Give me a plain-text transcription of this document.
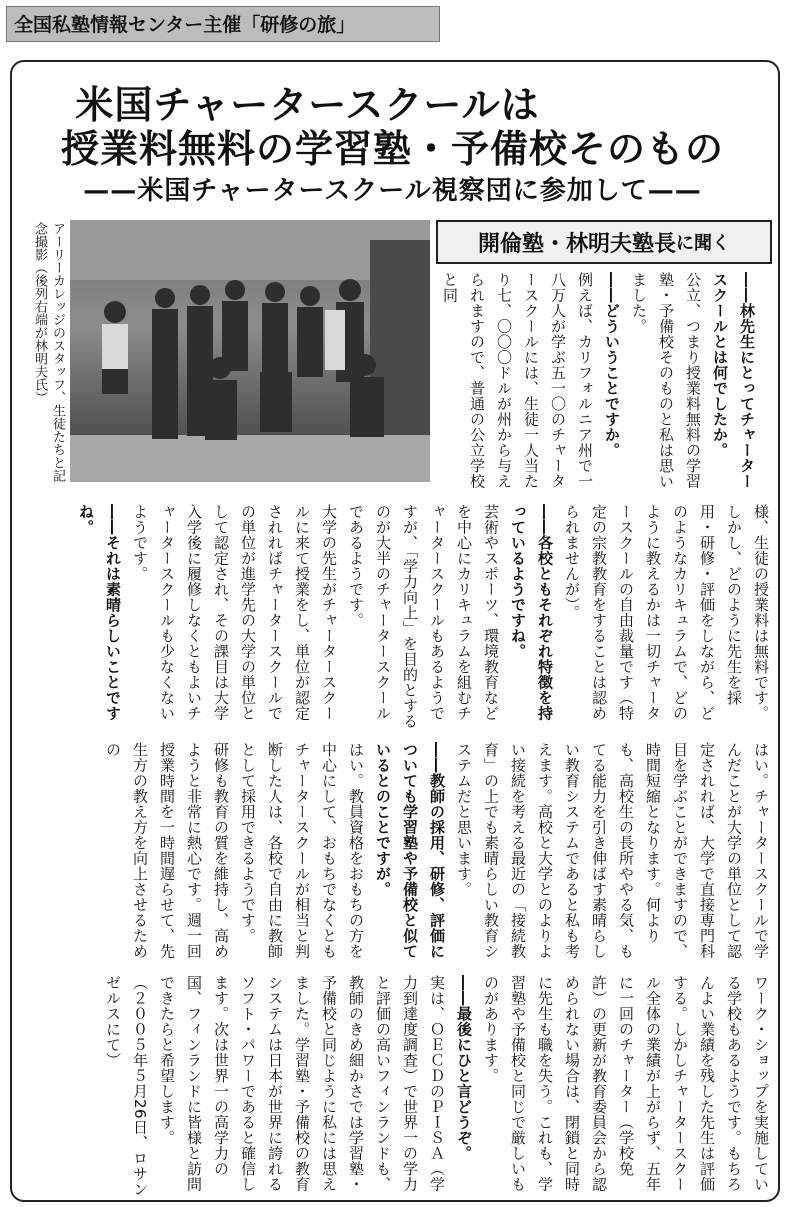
全国私塾情報センター主催「研修の旅」
米国チャータースクールは
授業料無料の学習塾・予備校そのもの
——米国チャータースクール視察団に参加して——
アーリーカレッジのスタッフ、生徒たちと記念撮影（後列右端が林明夫氏）	開倫塾・林明夫塾長 に聞く

――林先生にとってチャータースクールとは何でしたか。

公立、つまり授業料無料の学習塾・予備校そのものと私は思いました。

――どういうことですか。

例えば、カリフォルニア州で一八万人が学ぶ五一〇のチャータースクールには、生徒一人当たり七、〇〇〇ドルが州から与えられますので、普通の公立学校と同

様、生徒の授業料は無料です。しかし、どのように先生を採用・研修・評価をしながら、どのようなカリキュラムで、どのように教えるかは一切チャータースクールの自由裁量です（特定の宗教教育をすることは認められませんが）。

――各校ともそれぞれ特徴を持っているようですね。

芸術やスポーツ、環境教育などを中心にカリキュラムを組むチャータースクールもあるようですが、「学力向上」を目的とするのが大半のチャータースクールであるようです。

大学の先生がチャータースクールに来て授業をし、単位が認定されればチャータースクールでの単位が進学先の大学の単位として認定され、その課目は大学入学後に履修しなくともよいチャータースクールも少なくないようです。

――それは素晴らしいことですね。

はい。チャータースクールで学んだことが大学の単位として認定されれば、大学で直接専門科目を学ぶことができますので、時間短縮となります。何よりも、高校生の長所ややる気、もてる能力を引き伸ばす素晴らしい教育システムであると私も考えます。高校と大学とのよりよい接続を考える最近の「接続教育」の上でも素晴らしい教育システムだと思います。

――教師の採用、研修、評価についても学習塾や予備校と似ているとのことですが。

はい。教員資格をおもちの方を中心にして、おもちでなくともチャータースクールが相当と判断した人は、各校で自由に教師として採用できるようです。

研修も教育の質を維持し、高めようと非常に熱心です。週一回授業時間を一時間遅らせて、先生方の教え方を向上させるための

ワーク・ショップを実施している学校もあるようです。もちろんよい業績を残した先生は評価する。しかしチャータースクール全体の業績が上がらず、五年に一回のチャーター（学校免許）の更新が教育委員会から認められない場合は、閉鎖と同時に先生も職を失う。これも、学習塾や予備校と同じで厳しいものがあります。

――最後にひと言どうぞ。

実は、ＯＥＣＤのＰＩＳＡ（学力到達度調査）で世界一の学力と評価の高いフィンランドも、教師のきめ細かさでは学習塾・予備校と同じように私には思えました。学習塾・予備校の教育システムは日本が世界に誇れるソフト・パワーであると確信します。次は世界一の高学力の国、フィンランドに皆様と訪問できたらと希望します。

（２００５年５月26日、ロサンゼルスにて）
